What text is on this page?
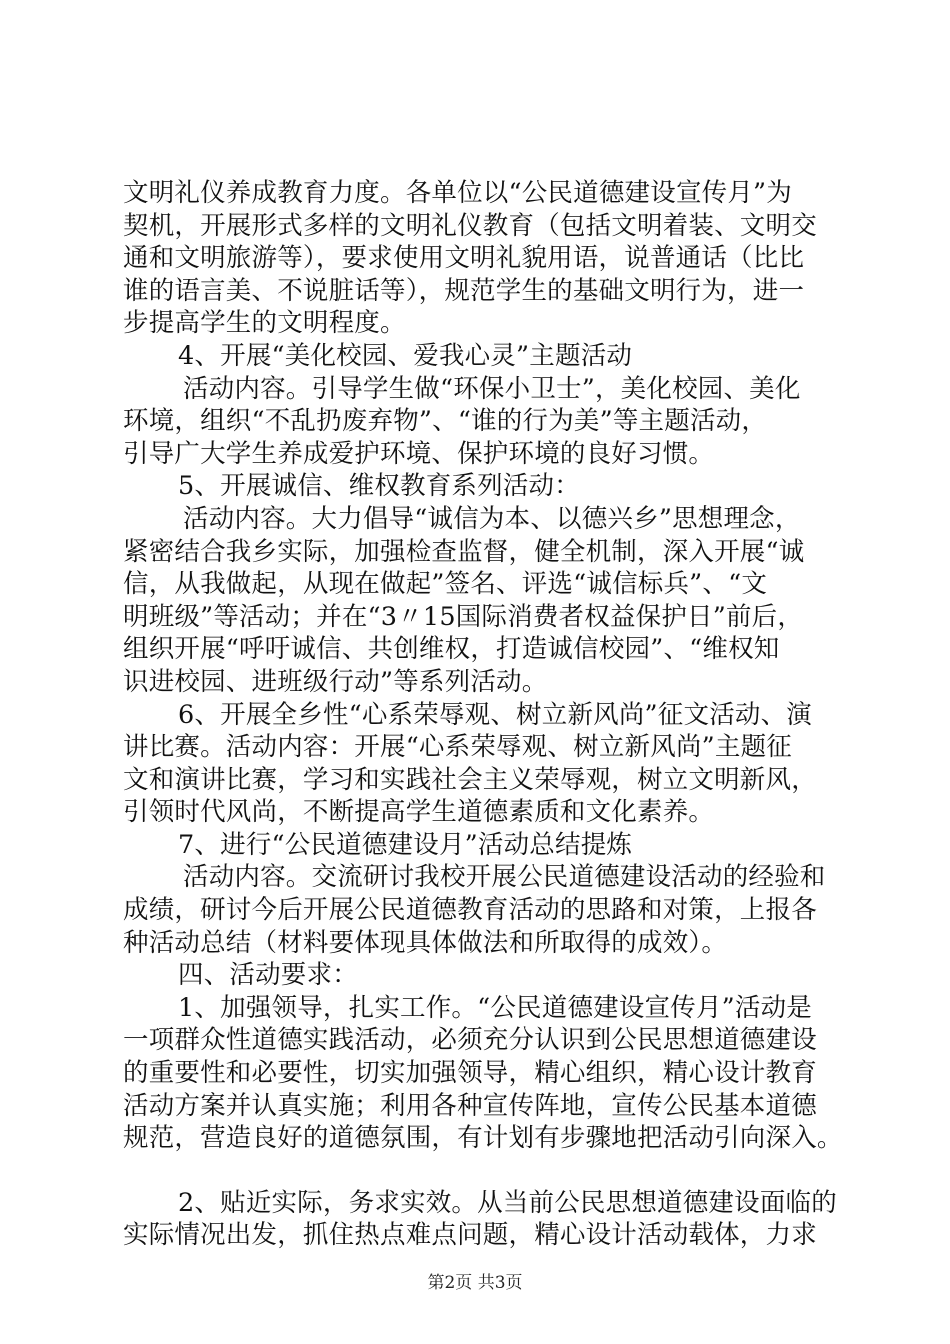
文明礼仪养成教育力度。各单位以“公民道德建设宣传月”为
契机，开展形式多样的文明礼仪教育（包括文明着装、文明交
通和文明旅游等），要求使用文明礼貌用语，说普通话（比比
谁的语言美、不说脏话等），规范学生的基础文明行为，进一
步提高学生的文明程度。
4、开展“美化校园、爱我心灵”主题活动
活动内容。引导学生做“环保小卫士”，美化校园、美化
环境，组织“不乱扔废弃物”、“谁的行为美”等主题活动，
引导广大学生养成爱护环境、保护环境的良好习惯。
5、开展诚信、维权教育系列活动：
活动内容。大力倡导“诚信为本、以德兴乡”思想理念，
紧密结合我乡实际，加强检查监督，健全机制，深入开展“诚
信，从我做起，从现在做起”签名、评选“诚信标兵”、“文
明班级”等活动；并在“3〃15国际消费者权益保护日”前后，
组织开展“呼吁诚信、共创维权，打造诚信校园”、“维权知
识进校园、进班级行动”等系列活动。
6、开展全乡性“心系荣辱观、树立新风尚”征文活动、演
讲比赛。活动内容：开展“心系荣辱观、树立新风尚”主题征
文和演讲比赛，学习和实践社会主义荣辱观，树立文明新风，
引领时代风尚，不断提高学生道德素质和文化素养。
7、进行“公民道德建设月”活动总结提炼
活动内容。交流研讨我校开展公民道德建设活动的经验和
成绩，研讨今后开展公民道德教育活动的思路和对策，上报各
种活动总结（材料要体现具体做法和所取得的成效）。
四、活动要求：
1、加强领导，扎实工作。“公民道德建设宣传月”活动是
一项群众性道德实践活动，必须充分认识到公民思想道德建设
的重要性和必要性，切实加强领导，精心组织，精心设计教育
活动方案并认真实施；利用各种宣传阵地，宣传公民基本道德
规范，营造良好的道德氛围，有计划有步骤地把活动引向深入。
2、贴近实际，务求实效。从当前公民思想道德建设面临的
实际情况出发，抓住热点难点问题，精心设计活动载体，力求
第2页 共3页
